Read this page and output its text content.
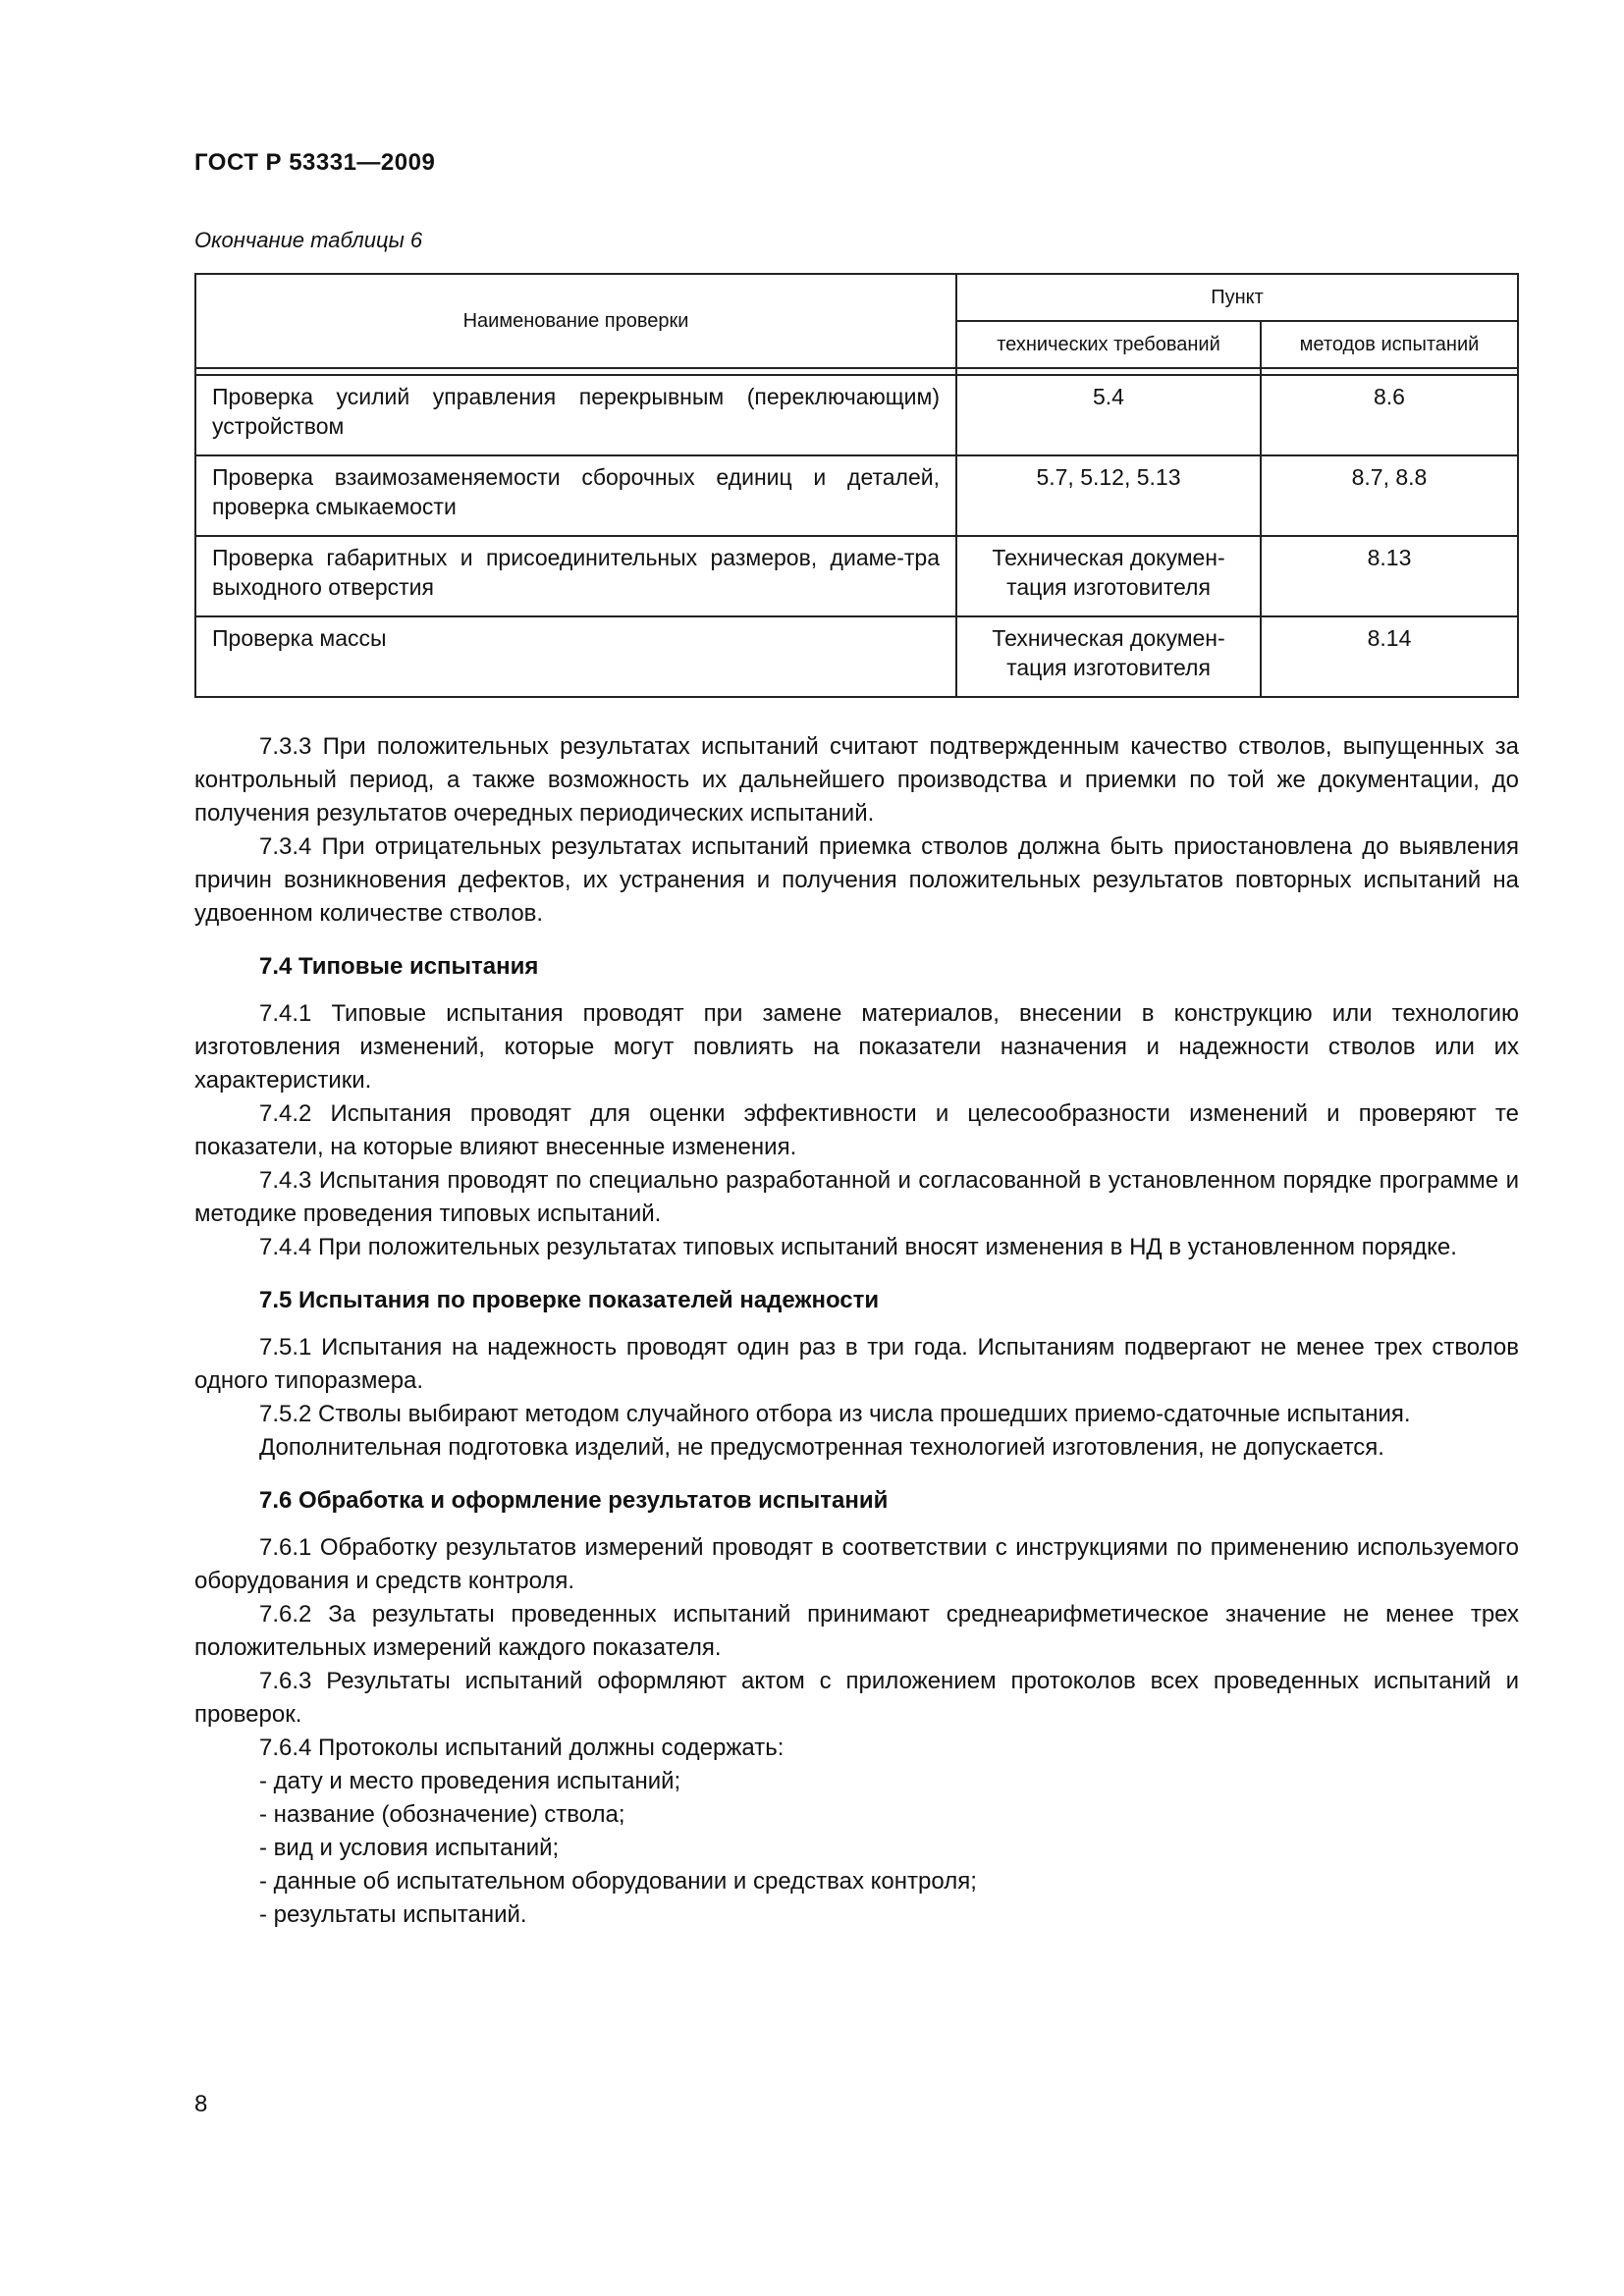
ГОСТ Р 53331—2009
Окончание таблицы 6
Наименование проверки	Пункт	
	технических требований	методов испытаний

Проверка усилий управления перекрывным (переключающим) устройством	5.4	8.6
Проверка взаимозаменяемости сборочных единиц и деталей, проверка смыкаемости	5.7, 5.12, 5.13	8.7, 8.8
Проверка габаритных и присоединительных размеров, диаме-тра выходного отверстия	Техническая докумен-тация изготовителя	8.13
Проверка массы	Техническая докумен-тация изготовителя	8.14

7.3.3 При положительных результатах испытаний считают подтвержденным качество стволов, выпущенных за контрольный период, а также возможность их дальнейшего производства и приемки по той же документации, до получения результатов очередных периодических испытаний.

7.3.4 При отрицательных результатах испытаний приемка стволов должна быть приостановлена до выявления причин возникновения дефектов, их устранения и получения положительных результатов повторных испытаний на удвоенном количестве стволов.

7.4 Типовые испытания

7.4.1 Типовые испытания проводят при замене материалов, внесении в конструкцию или технологию изготовления изменений, которые могут повлиять на показатели назначения и надежности стволов или их характеристики.

7.4.2 Испытания проводят для оценки эффективности и целесообразности изменений и проверяют те показатели, на которые влияют внесенные изменения.

7.4.3 Испытания проводят по специально разработанной и согласованной в установленном порядке программе и методике проведения типовых испытаний.

7.4.4 При положительных результатах типовых испытаний вносят изменения в НД в установленном порядке.

7.5 Испытания по проверке показателей надежности

7.5.1 Испытания на надежность проводят один раз в три года. Испытаниям подвергают не менее трех стволов одного типоразмера.

7.5.2 Стволы выбирают методом случайного отбора из числа прошедших приемо-сдаточные испытания.

Дополнительная подготовка изделий, не предусмотренная технологией изготовления, не допускается.

7.6 Обработка и оформление результатов испытаний

7.6.1 Обработку результатов измерений проводят в соответствии с инструкциями по применению используемого оборудования и средств контроля.

7.6.2 За результаты проведенных испытаний принимают среднеарифметическое значение не менее трех положительных измерений каждого показателя.

7.6.3 Результаты испытаний оформляют актом с приложением протоколов всех проведенных испытаний и проверок.

7.6.4 Протоколы испытаний должны содержать:
- дату и место проведения испытаний;
- название (обозначение) ствола;
- вид и условия испытаний;
- данные об испытательном оборудовании и средствах контроля;
- результаты испытаний.
8
